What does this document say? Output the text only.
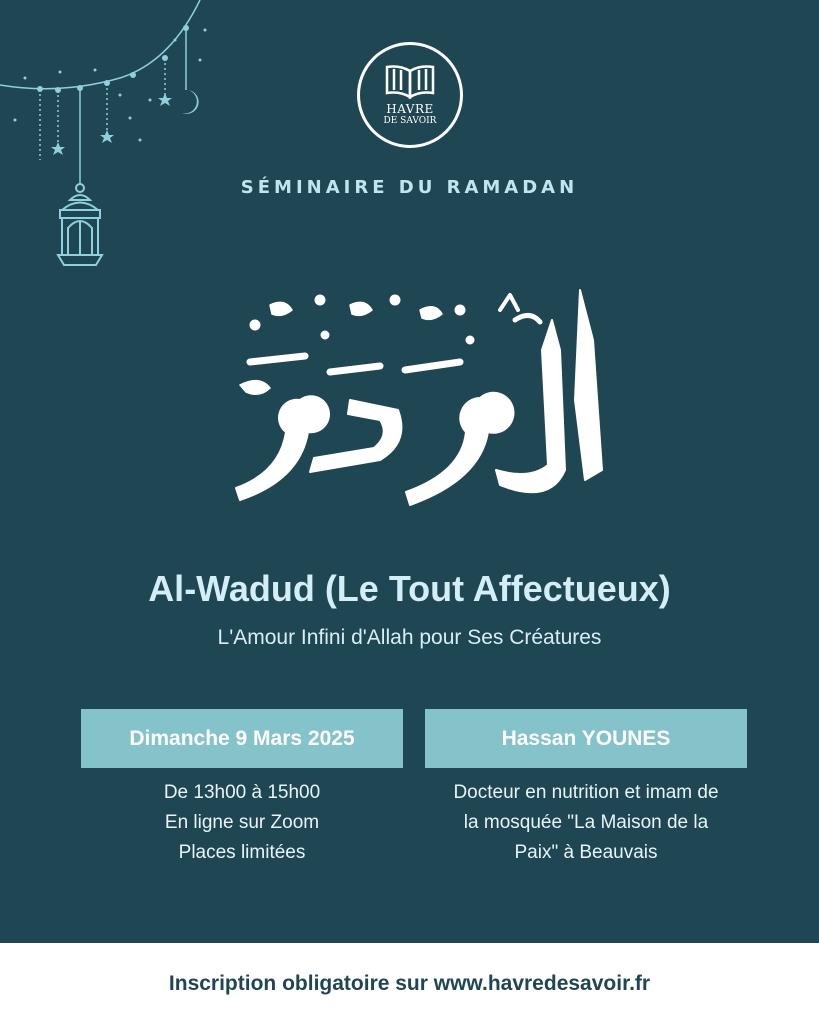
HAVRE
DE SAVOIR
SÉMINAIRE DU RAMADAN
Al-Wadud (Le Tout Affectueux)
L'Amour Infini d'Allah pour Ses Créatures
Dimanche 9 Mars 2025	Hassan YOUNES
De 13h00 à 15h00
En ligne sur Zoom
Places limitées
Docteur en nutrition et imam de
la mosquée "La Maison de la
Paix" à Beauvais
Inscription obligatoire sur www.havredesavoir.fr
